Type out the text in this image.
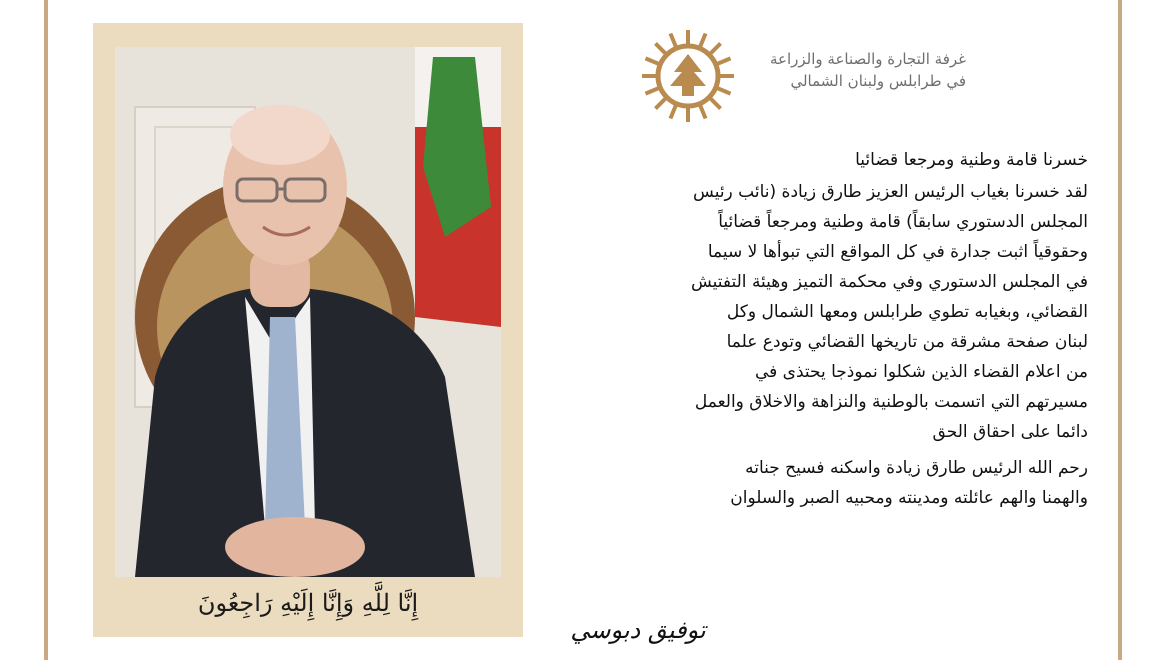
إِنَّا لِلَّهِ وَإِنَّا إِلَيْهِ رَاجِعُونَ
غرفة التجارة والصناعة والزراعة
في طرابلس ولبنان الشمالي
خسرنا قامة وطنية ومرجعا قضائيا
لقد خسرنا بغياب الرئيس العزيز طارق زيادة (نائب رئيس
المجلس الدستوري سابقاً) قامة وطنية ومرجعاً قضائياً
وحقوقياً اثبت جدارة في كل المواقع التي تبوأها لا سيما
في المجلس الدستوري وفي محكمة التميز وهيئة التفتيش
القضائي، وبغيابه تطوي طرابلس ومعها الشمال وكل
لبنان صفحة مشرقة من تاريخها القضائي وتودع علما
من اعلام القضاء الذين شكلوا نموذجا يحتذى في
مسيرتهم التي اتسمت بالوطنية والنزاهة والاخلاق والعمل
دائما على احقاق الحق
رحم الله الرئيس طارق زيادة واسكنه فسيح جناته
والهمنا والهم عائلته ومدينته ومحبيه الصبر والسلوان
توفيق دبوسي
